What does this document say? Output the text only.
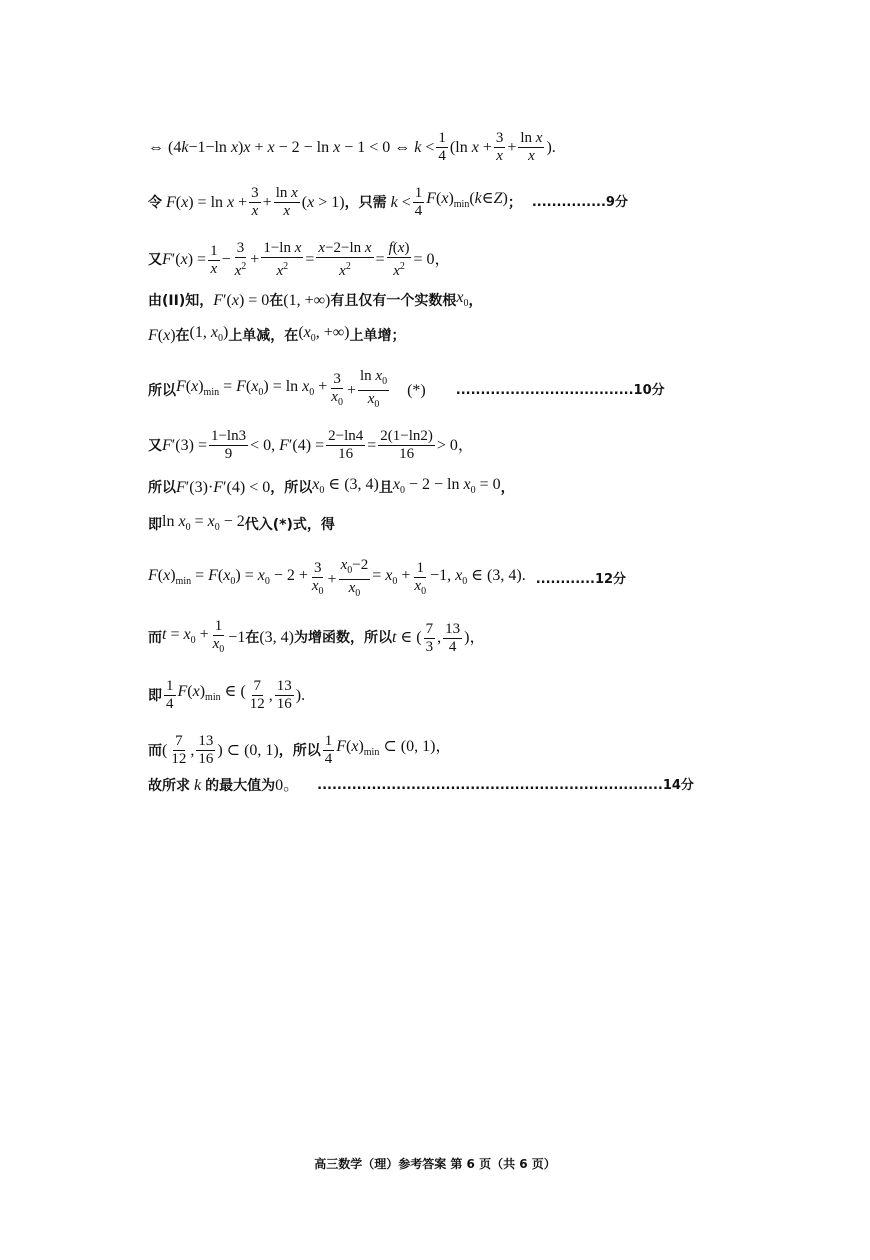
⇔ (4k−1−ln x)x + x − 2 − ln x − 1 < 0 ⇔ $k < \frac{1}{4} (\ln$ $x + \frac{3}{x} + \frac{\text{ln x}}{x}$ ).
令 $F(x) = \ln x + \frac{3}{x} + \frac{\text{ln x}}{x} (x > 1)$ ，只需 $k < \frac{1}{4}$ $F(x)_{min}(k\in Z)$ ； ...............9分
又 $F'(x) = \frac{1}{x} - \frac{3}{x^2} + \frac{\text{1−ln x}}{x^2} = \frac{\text{x−2−ln x}}{x^2} = \frac{f(x)}{x^2} = 0$，
由(II)知， F′(x) = 0 在 (1, +∞) 有且仅有一个实数根 $x_0$ ，
F(x) 在 (1, $x_0$) 上单减，在 ($x_0$, +∞) 上单增；
所以 $F(x)_{min} = F(x_0) = \ln x_0 + \frac{3}{x_0} + \frac{\ln x_0}{x_0}$ (*) ....................................10分
又 $F'(3) = \frac{1-\ln 3}{9} < 0$, $F'(4) = \frac{2-\ln 4}{16} = \frac{2(1-\ln 2)}{16} > 0$，
所以 F′(3)·F′(4) < 0 ，所以 $x_0$ ∈ (3, 4) 且 $x_0 - 2 - \ln x_0 = 0$ ，
即 $\ln x_0 = x_0 - 2$ 代入(*)式，得
$F(x)_{min} = F(x_0) = x_0 - 2 + \frac{3}{x_0} + \frac{x_0-2}{x_0} = x_0 + \frac{1}{x_0} -1$, $x_0$ ∈ (3, 4). ............12分
而 $t = x_0 + \frac{1}{x_0} -1$ 在 (3, 4) 为增函数，所以 t ∈ ( $\frac{7}{3}$ , $\frac{13}{4}$ )，
即 $\frac{1}{4} F(x)_{min}$ ∈ ( $\frac{7}{12}$ , $\frac{13}{16}$ ).
而 ( $\frac{7}{12}$ , $\frac{13}{16}$ ) ⊂ (0, 1) ，所以 $\frac{1}{4} F(x)_{min}$ ⊂ (0, 1)，
故所求 k 的最大值为 0。 ......................................................................14分
高三数学（理）参考答案 第 6 页（共 6 页）
